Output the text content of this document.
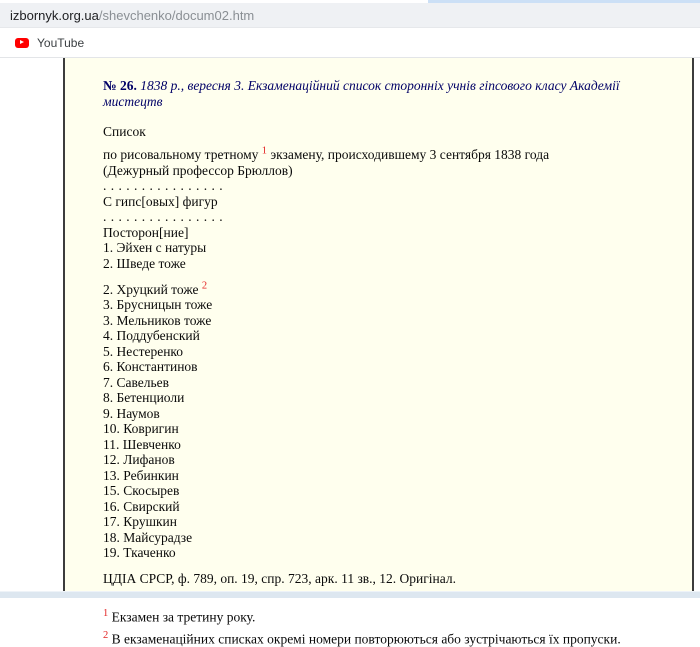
izbornyk.org.ua/shevchenko/docum02.htm
YouTube

№ 26. 1838 р., вересня 3. Екзаменаційний список сторонніх учнів гіпсового класу Академії мистецтв

Список

по рисовальному третному $^1$ экзамену, происходившему 3 сентября 1838 года
(Дежурный профессор Брюллов)
. . . . . . . . . . . . . . . .
С гипс[овых] фигур
. . . . . . . . . . . . . . . .
Посторон[ние]
1. Эйхен с натуры
2. Шведе тоже

2. Хруцкий тоже $^2$
3. Брусницын тоже
3. Мельников тоже
4. Поддубенский
5. Нестеренко
6. Константинов
7. Савельев
8. Бетенциоли
9. Наумов
10. Ковригин
11. Шевченко
12. Лифанов
13. Ребинкин
15. Скосырев
16. Свирский
17. Крушкин
18. Майсурадзе
19. Ткаченко

ЦДІА СРСР, ф. 789, оп. 19, спр. 723, арк. 11 зв., 12. Оригінал.

$^1$ Екзамен за третину року.

$^2$ В екзаменаційних списках окремі номери повторюються або зустрічаються їх пропуски.
